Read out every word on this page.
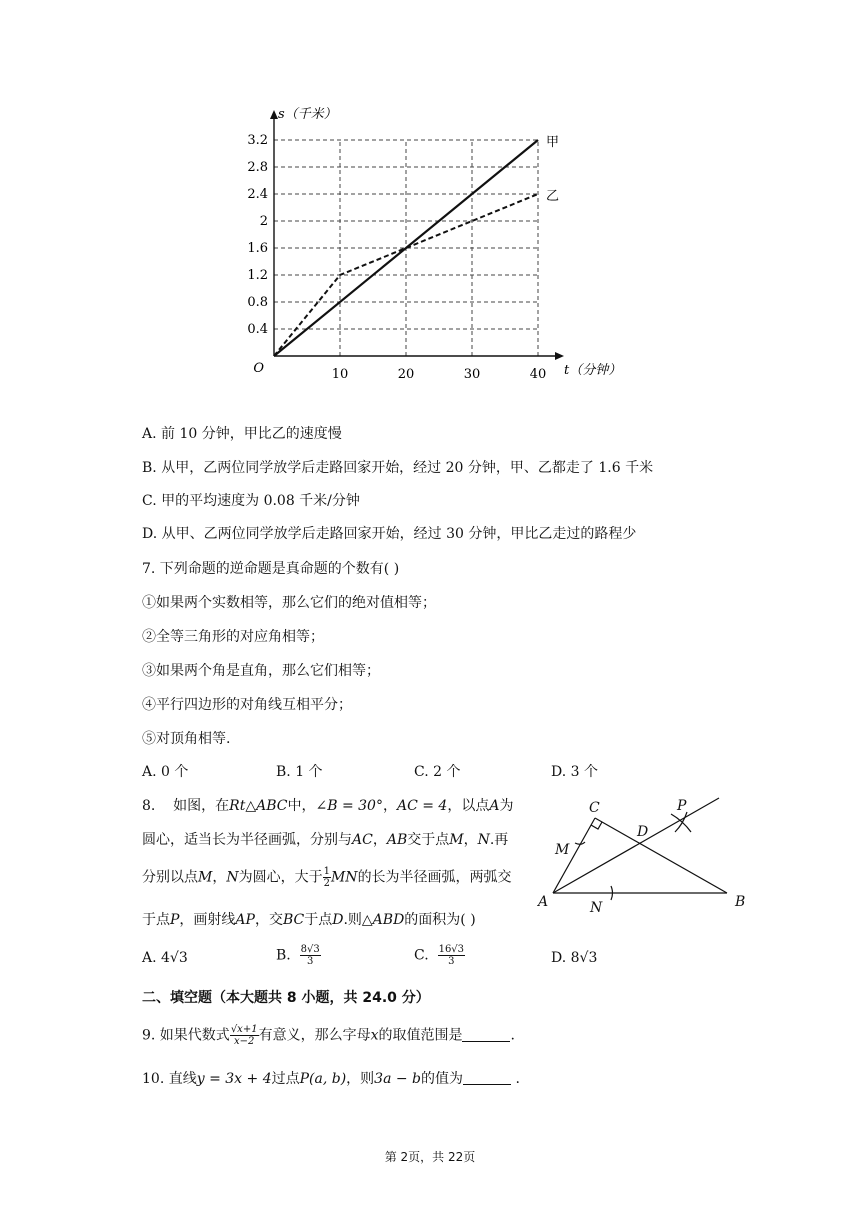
10	20	30	40
0.4
0.8
1.2
1.6
2
2.4
2.8
3.2
O	t（分钟）
s（千米）
甲
乙
A. 前 10 分钟，甲比乙的速度慢
B. 从甲，乙两位同学放学后走路回家开始，经过 20 分钟，甲、乙都走了 1.6 千米
C. 甲的平均速度为 0.08 千米/分钟
D. 从甲、乙两位同学放学后走路回家开始，经过 30 分钟，甲比乙走过的路程少
7. 下列命题的逆命题是真命题的个数有( )
①如果两个实数相等，那么它们的绝对值相等；
②全等三角形的对应角相等；
③如果两个角是直角，那么它们相等；
④平行四边形的对角线互相平分；
⑤对顶角相等.
A. 0 个	B. 1 个	C. 2 个	D. 3 个
8. 如图，在Rt△ABC中，∠B = 30°，AC = 4，以点A为
圆心，适当长为半径画弧，分别与AC，AB交于点M，N.再
分别以点M，N为圆心，大于 $\frac{1}{2}$ MN的长为半径画弧，两弧交
于点P，画射线AP，交BC于点D.则△ABD的面积为( )
A	B
C
D
M
N
P
A. 4√3	B. $\frac{8√3}{3}$	C. $\frac{16√3}{3}$	D. 8√3
二、填空题（本大题共 8 小题，共 24.0 分）
9. 如果代数式 $\frac{√x+1}{x-2}$ 有意义，那么字母x的取值范围是	.
10. 直线y = 3x + 4过点P(a, b)，则3a − b的值为	.
第 2页，共 22页
